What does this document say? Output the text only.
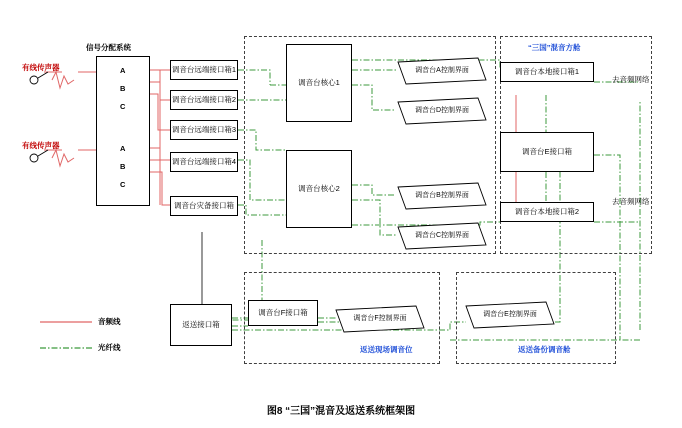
有线传声器
有线传声器
信号分配系统
A
B
C
A
B
C
调音台远端接口箱1
调音台远端接口箱2
调音台远端接口箱3
调音台远端接口箱4
调音台灾备接口箱
调音台核心1
调音台核心2
调音台A控制界面
调音台D控制界面
调音台B控制界面
调音台C控制界面
“三国”混音方舱
调音台本地接口箱1
调音台E接口箱
调音台本地接口箱2
去音频网络
去音频网络
返送接口箱
调音台F接口箱
调音台F控制界面
调音台E控制界面
返送现场调音位	返送备份调音舱
音频线
光纤线
图8 “三国”混音及返送系统框架图
